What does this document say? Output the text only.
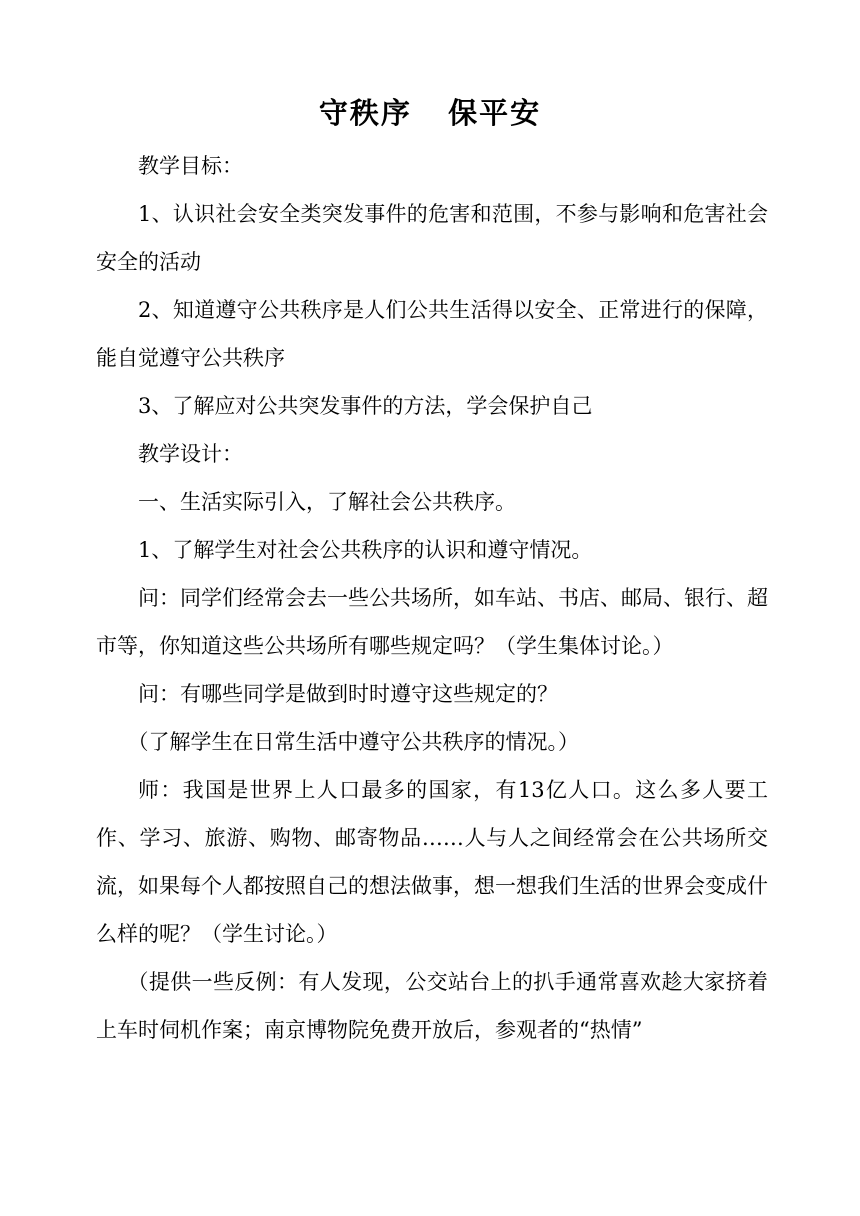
守秩序   保平安

教学目标：

1、认识社会安全类突发事件的危害和范围，不参与影响和危害社会安全的活动

2、知道遵守公共秩序是人们公共生活得以安全、正常进行的保障，能自觉遵守公共秩序

3、了解应对公共突发事件的方法，学会保护自己

教学设计：

一、生活实际引入，了解社会公共秩序。

1、了解学生对社会公共秩序的认识和遵守情况。

问：同学们经常会去一些公共场所，如车站、书店、邮局、银行、超市等，你知道这些公共场所有哪些规定吗？（学生集体讨论。）

问：有哪些同学是做到时时遵守这些规定的？

（了解学生在日常生活中遵守公共秩序的情况。）

师：我国是世界上人口最多的国家，有13亿人口。这么多人要工作、学习、旅游、购物、邮寄物品……人与人之间经常会在公共场所交流，如果每个人都按照自己的想法做事，想一想我们生活的世界会变成什么样的呢？（学生讨论。）

（提供一些反例：有人发现，公交站台上的扒手通常喜欢趁大家挤着上车时伺机作案；南京博物院免费开放后，参观者的“热情”
